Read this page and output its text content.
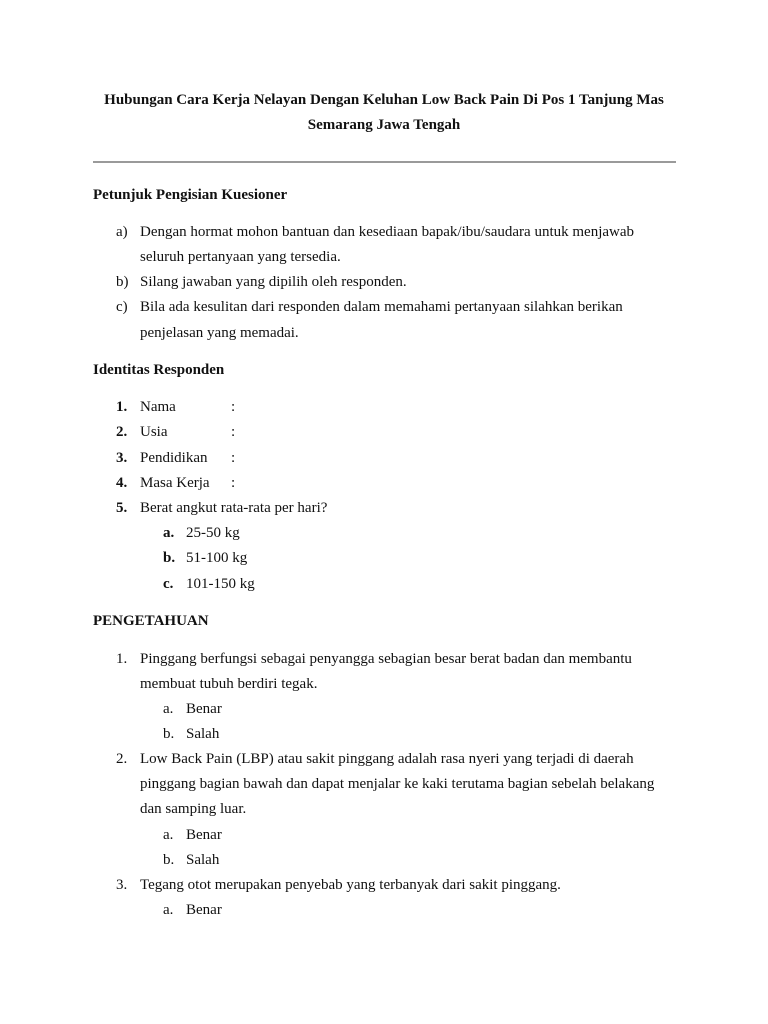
Hubungan Cara Kerja Nelayan Dengan Keluhan Low Back Pain Di Pos 1 Tanjung Mas
Semarang Jawa Tengah
Petunjuk Pengisian Kuesioner
a) Dengan hormat mohon bantuan dan kesediaan bapak/ibu/saudara untuk menjawab
seluruh pertanyaan yang tersedia.
b) Silang jawaban yang dipilih oleh responden.
c) Bila ada kesulitan dari responden dalam memahami pertanyaan silahkan berikan
penjelasan yang memadai.
Identitas Responden
1. Nama	:
2. Usia	:
3. Pendidikan :
4. Masa Kerja :
5. Berat angkut rata-rata per hari?
a. 25-50 kg
b. 51-100 kg
c. 101-150 kg
PENGETAHUAN
1. Pinggang berfungsi sebagai penyangga sebagian besar berat badan dan membantu
membuat tubuh berdiri tegak.
a. Benar
b. Salah
2. Low Back Pain (LBP) atau sakit pinggang adalah rasa nyeri yang terjadi di daerah
pinggang bagian bawah dan dapat menjalar ke kaki terutama bagian sebelah belakang
dan samping luar.
a. Benar
b. Salah
3. Tegang otot merupakan penyebab yang terbanyak dari sakit pinggang.
a. Benar
